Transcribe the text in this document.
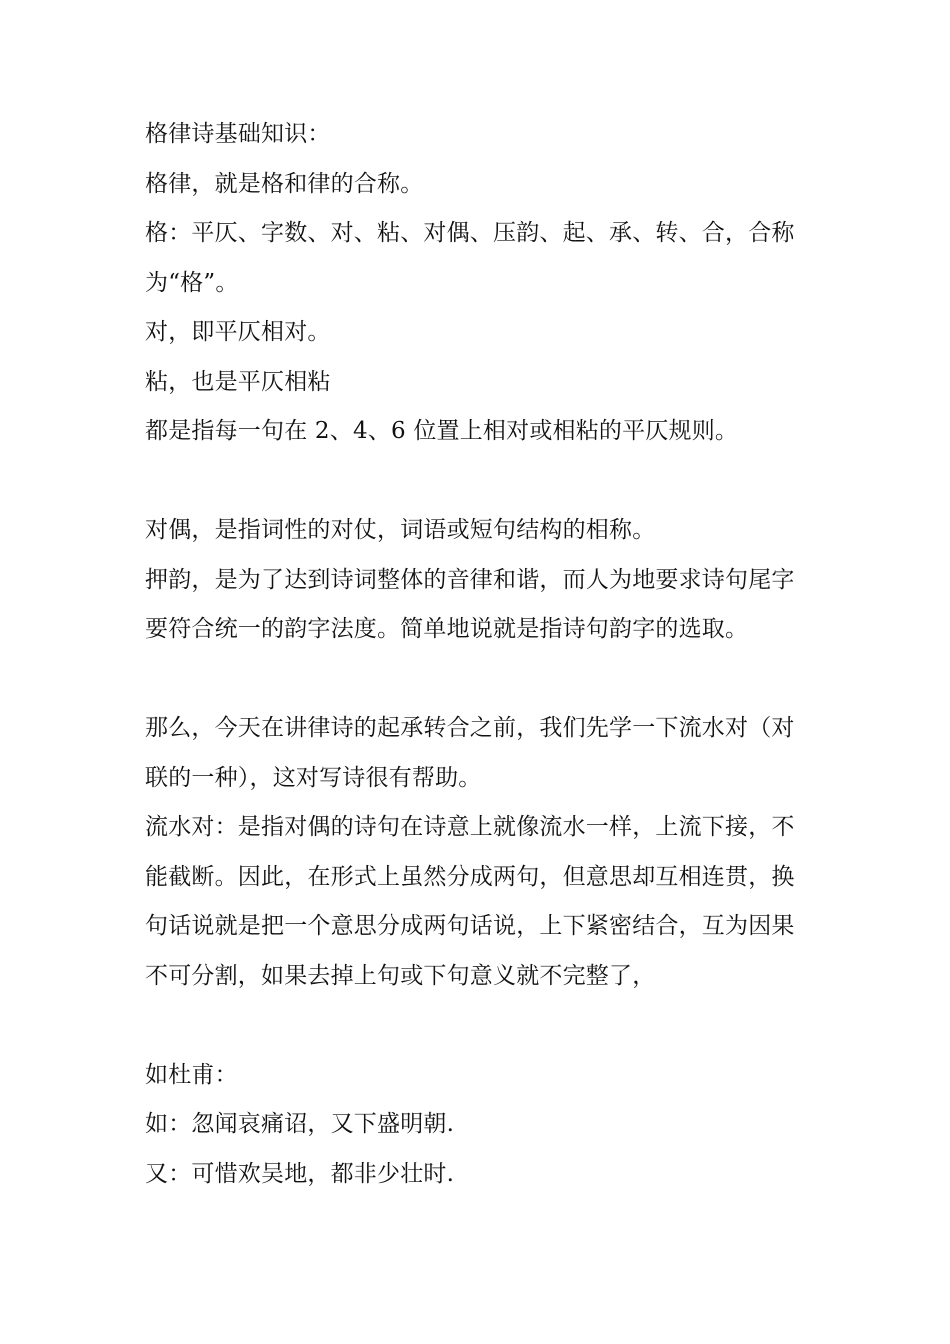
格律诗基础知识：
格律，就是格和律的合称。
格：平仄、字数、对、粘、对偶、压韵、起、承、转、合，合称
为“格”。
对，即平仄相对。
粘，也是平仄相粘
都是指每一句在 2、4、6 位置上相对或相粘的平仄规则。
对偶，是指词性的对仗，词语或短句结构的相称。
押韵，是为了达到诗词整体的音律和谐，而人为地要求诗句尾字
要符合统一的韵字法度。简单地说就是指诗句韵字的选取。
那么，今天在讲律诗的起承转合之前，我们先学一下流水对（对
联的一种），这对写诗很有帮助。
流水对：是指对偶的诗句在诗意上就像流水一样，上流下接，不
能截断。因此，在形式上虽然分成两句，但意思却互相连贯，换
句话说就是把一个意思分成两句话说，上下紧密结合，互为因果
不可分割，如果去掉上句或下句意义就不完整了，
如杜甫：
如：忽闻哀痛诏，又下盛明朝.
又：可惜欢吴地，都非少壮时.
